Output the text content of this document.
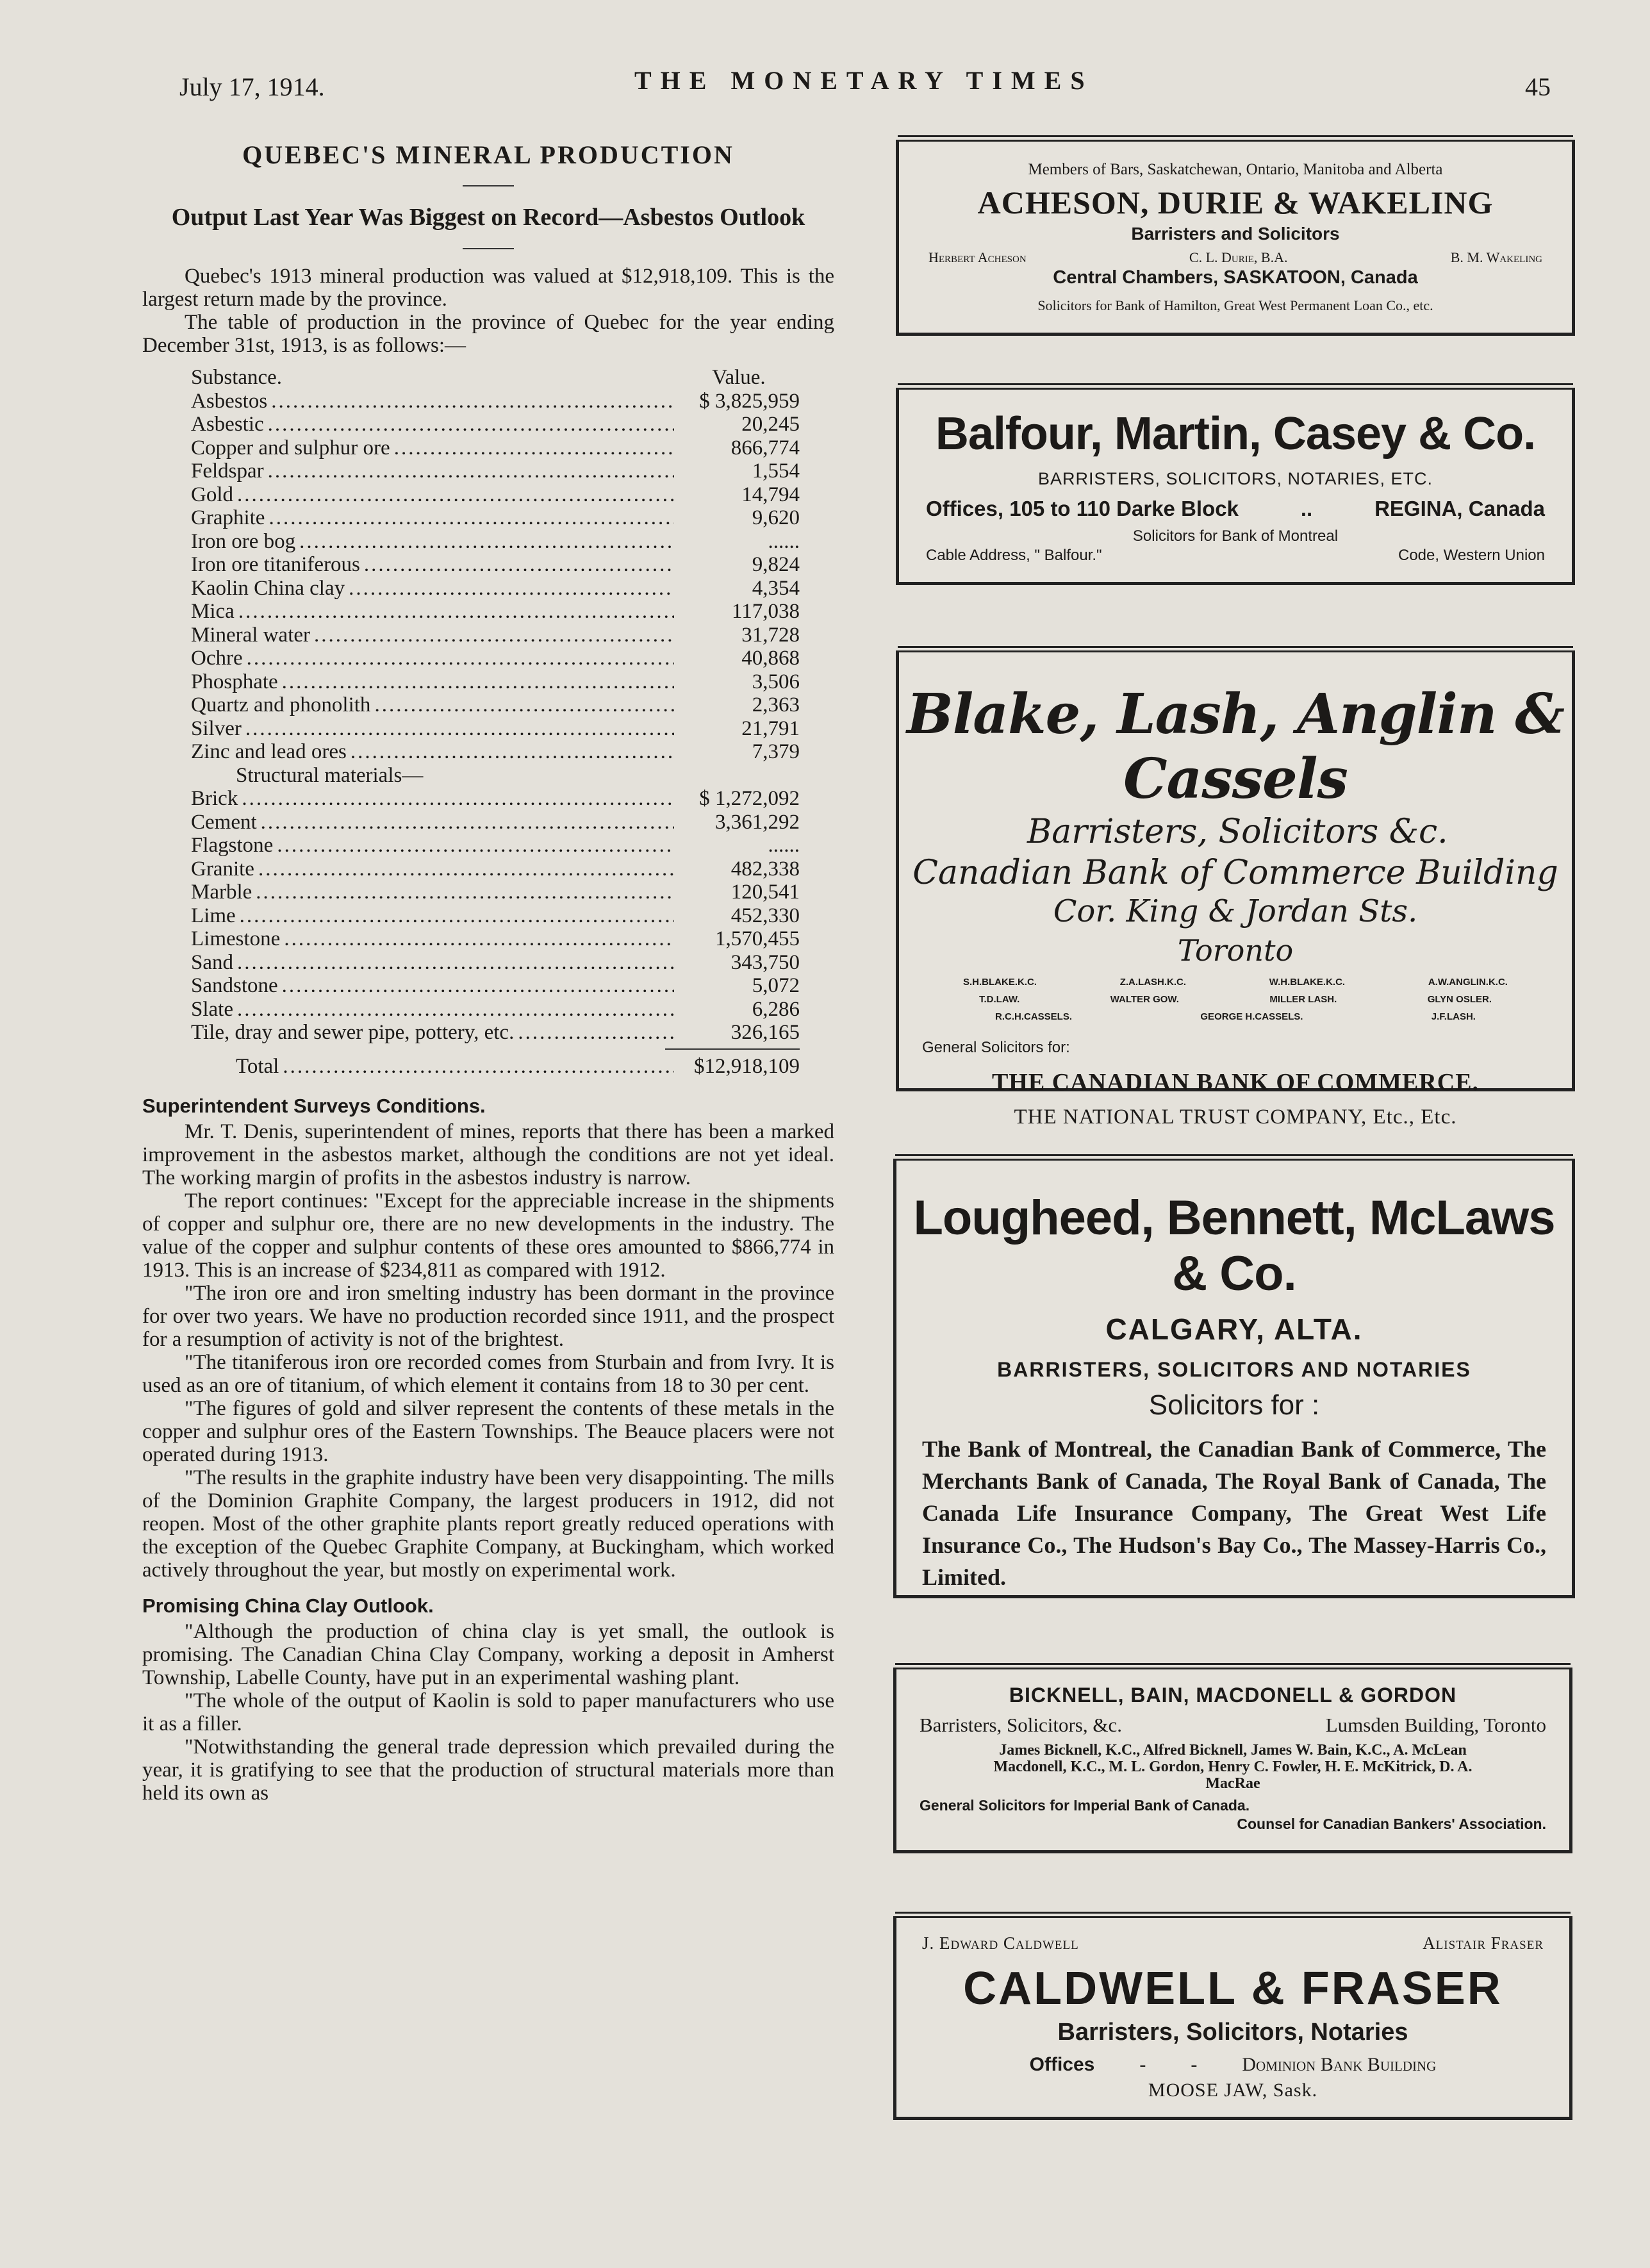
July 17, 1914.	THE MONETARY TIMES	45
QUEBEC'S MINERAL PRODUCTION
Output Last Year Was Biggest on Record—Asbestos Outlook

Quebec's 1913 mineral production was valued at $12,918,109. This is the largest return made by the province.

The table of production in the province of Quebec for the year ending December 31st, 1913, is as follows:—

Substance.	Value.
Asbestos .....	$ 3,825,959
Asbestic .....	20,245
Copper and sulphur ore .....	866,774
Feldspar .....	1,554
Gold .....	14,794
Graphite .....	9,620
Iron ore bog .....	......
Iron ore titaniferous .....	9,824
Kaolin China clay .....	4,354
Mica .....	117,038
Mineral water .....	31,728
Ochre .....	40,868
Phosphate .....	3,506
Quartz and phonolith .....	2,363
Silver .....	21,791
Zinc and lead ores .....	7,379
Structural materials—
Brick .....	$ 1,272,092
Cement .....	3,361,292
Flagstone .....	......
Granite .....	482,338
Marble .....	120,541
Lime .....	452,330
Limestone .....	1,570,455
Sand .....	343,750
Sandstone .....	5,072
Slate .....	6,286
Tile, dray and sewer pipe, pottery, etc. .....	326,165
Total .....	$12,918,109
Superintendent Surveys Conditions.

Mr. T. Denis, superintendent of mines, reports that there has been a marked improvement in the asbestos market, although the conditions are not yet ideal. The working margin of profits in the asbestos industry is narrow.

The report continues: "Except for the appreciable increase in the shipments of copper and sulphur ore, there are no new developments in the industry. The value of the copper and sulphur contents of these ores amounted to $866,774 in 1913. This is an increase of $234,811 as compared with 1912.

"The iron ore and iron smelting industry has been dormant in the province for over two years. We have no production recorded since 1911, and the prospect for a resumption of activity is not of the brightest.

"The titaniferous iron ore recorded comes from Sturbain and from Ivry. It is used as an ore of titanium, of which element it contains from 18 to 30 per cent.

"The figures of gold and silver represent the contents of these metals in the copper and sulphur ores of the Eastern Townships. The Beauce placers were not operated during 1913.

"The results in the graphite industry have been very disappointing. The mills of the Dominion Graphite Company, the largest producers in 1912, did not reopen. Most of the other graphite plants report greatly reduced operations with the exception of the Quebec Graphite Company, at Buckingham, which worked actively throughout the year, but mostly on experimental work.

Promising China Clay Outlook.

"Although the production of china clay is yet small, the outlook is promising. The Canadian China Clay Company, working a deposit in Amherst Township, Labelle County, have put in an experimental washing plant.

"The whole of the output of Kaolin is sold to paper manufacturers who use it as a filler.

"Notwithstanding the general trade depression which prevailed during the year, it is gratifying to see that the production of structural materials more than held its own as

Members of Bars, Saskatchewan, Ontario, Manitoba and Alberta
ACHESON, DURIE & WAKELING
Barristers and Solicitors
Herbert Acheson	C. L. Durie, B.A.	B. M. Wakeling
Central Chambers, SASKATOON, Canada
Solicitors for Bank of Hamilton, Great West Permanent Loan Co., etc.
Balfour, Martin, Casey & Co.
BARRISTERS, SOLICITORS, NOTARIES, ETC.
Offices, 105 to 110 Darke Block	..	REGINA, Canada
Solicitors for Bank of Montreal
Cable Address, " Balfour."	Code, Western Union
Blake, Lash, Anglin & Cassels
Barristers, Solicitors &c.
Canadian Bank of Commerce Building
Cor. King & Jordan Sts.
Toronto
S.H.BLAKE.K.C.	Z.A.LASH.K.C.	W.H.BLAKE.K.C.	A.W.ANGLIN.K.C.
T.D.LAW.	WALTER GOW.	MILLER LASH.	GLYN OSLER.
R.C.H.CASSELS.	GEORGE H.CASSELS.	J.F.LASH.
General Solicitors for:
THE CANADIAN BANK OF COMMERCE.
THE NATIONAL TRUST COMPANY, Etc., Etc.
Lougheed, Bennett, McLaws & Co.
CALGARY, ALTA.
BARRISTERS, SOLICITORS AND NOTARIES
Solicitors for :
The Bank of Montreal, the Canadian Bank of Commerce, The Merchants Bank of Canada, The Royal Bank of Canada, The Canada Life Insurance Company, The Great West Life Insurance Co., The Hudson's Bay Co., The Massey-Harris Co., Limited.
BICKNELL, BAIN, MACDONELL & GORDON
Barristers, Solicitors, &c.	Lumsden Building, Toronto
James Bicknell, K.C., Alfred Bicknell, James W. Bain, K.C., A. McLean Macdonell, K.C., M. L. Gordon, Henry C. Fowler, H. E. McKitrick, D. A. MacRae
General Solicitors for Imperial Bank of Canada.
Counsel for Canadian Bankers' Association.
J. Edward Caldwell	Alistair Fraser
CALDWELL & FRASER
Barristers, Solicitors, Notaries
Offices - - Dominion Bank Building
MOOSE JAW, Sask.
